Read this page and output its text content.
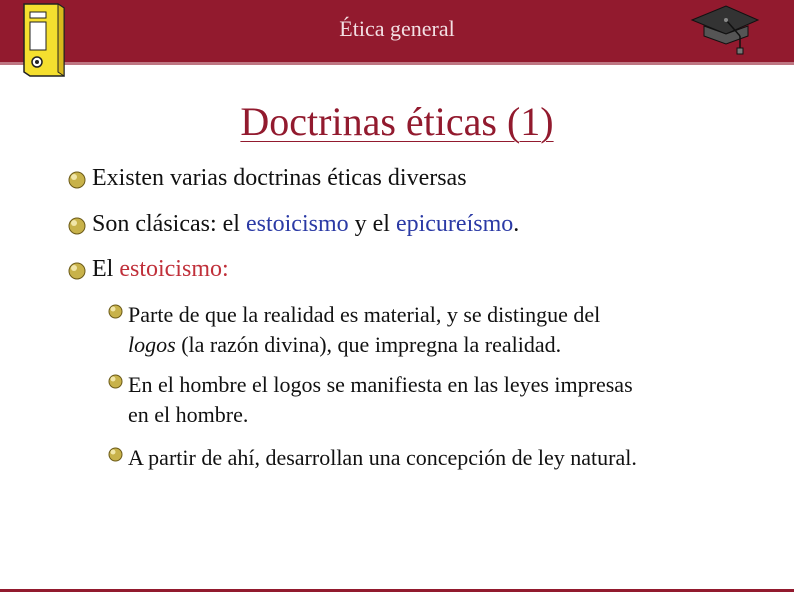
Ética general
Doctrinas éticas (1)
Existen varias doctrinas éticas diversas
Son clásicas: el estoicismo y el epicureísmo.
El estoicismo:
Parte de que la realidad es material, y se distingue del
logos (la razón divina), que impregna la realidad.
En el hombre el logos se manifiesta en las leyes impresas
en el hombre.
A partir de ahí, desarrollan una concepción de ley natural.
